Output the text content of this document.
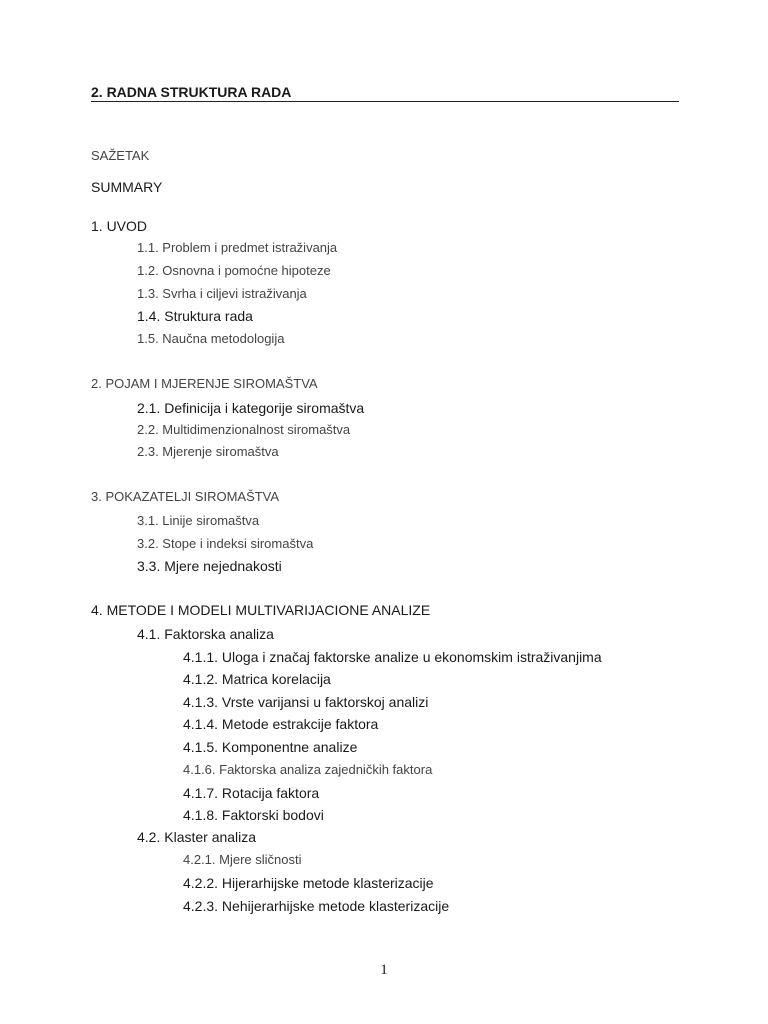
2. RADNA STRUKTURA RADA
SAŽETAK
SUMMARY
1. UVOD
1.1. Problem i predmet istraživanja
1.2. Osnovna i pomoćne hipoteze
1.3. Svrha i ciljevi istraživanja
1.4. Struktura rada
1.5. Naučna metodologija
2. POJAM I MJERENJE SIROMAŠTVA
2.1. Definicija i kategorije siromaštva
2.2. Multidimenzionalnost siromaštva
2.3. Mjerenje siromaštva
3. POKAZATELJI SIROMAŠTVA
3.1. Linije siromaštva
3.2. Stope i indeksi siromaštva
3.3. Mjere nejednakosti
4. METODE I MODELI MULTIVARIJACIONE ANALIZE
4.1. Faktorska analiza
4.1.1. Uloga i značaj faktorske analize u ekonomskim istraživanjima
4.1.2. Matrica korelacija
4.1.3. Vrste varijansi u faktorskoj analizi
4.1.4. Metode estrakcije faktora
4.1.5. Komponentne analize
4.1.6. Faktorska analiza zajedničkih faktora
4.1.7. Rotacija faktora
4.1.8. Faktorski bodovi
4.2. Klaster analiza
4.2.1. Mjere sličnosti
4.2.2. Hijerarhijske metode klasterizacije
4.2.3. Nehijerarhijske metode klasterizacije
1
